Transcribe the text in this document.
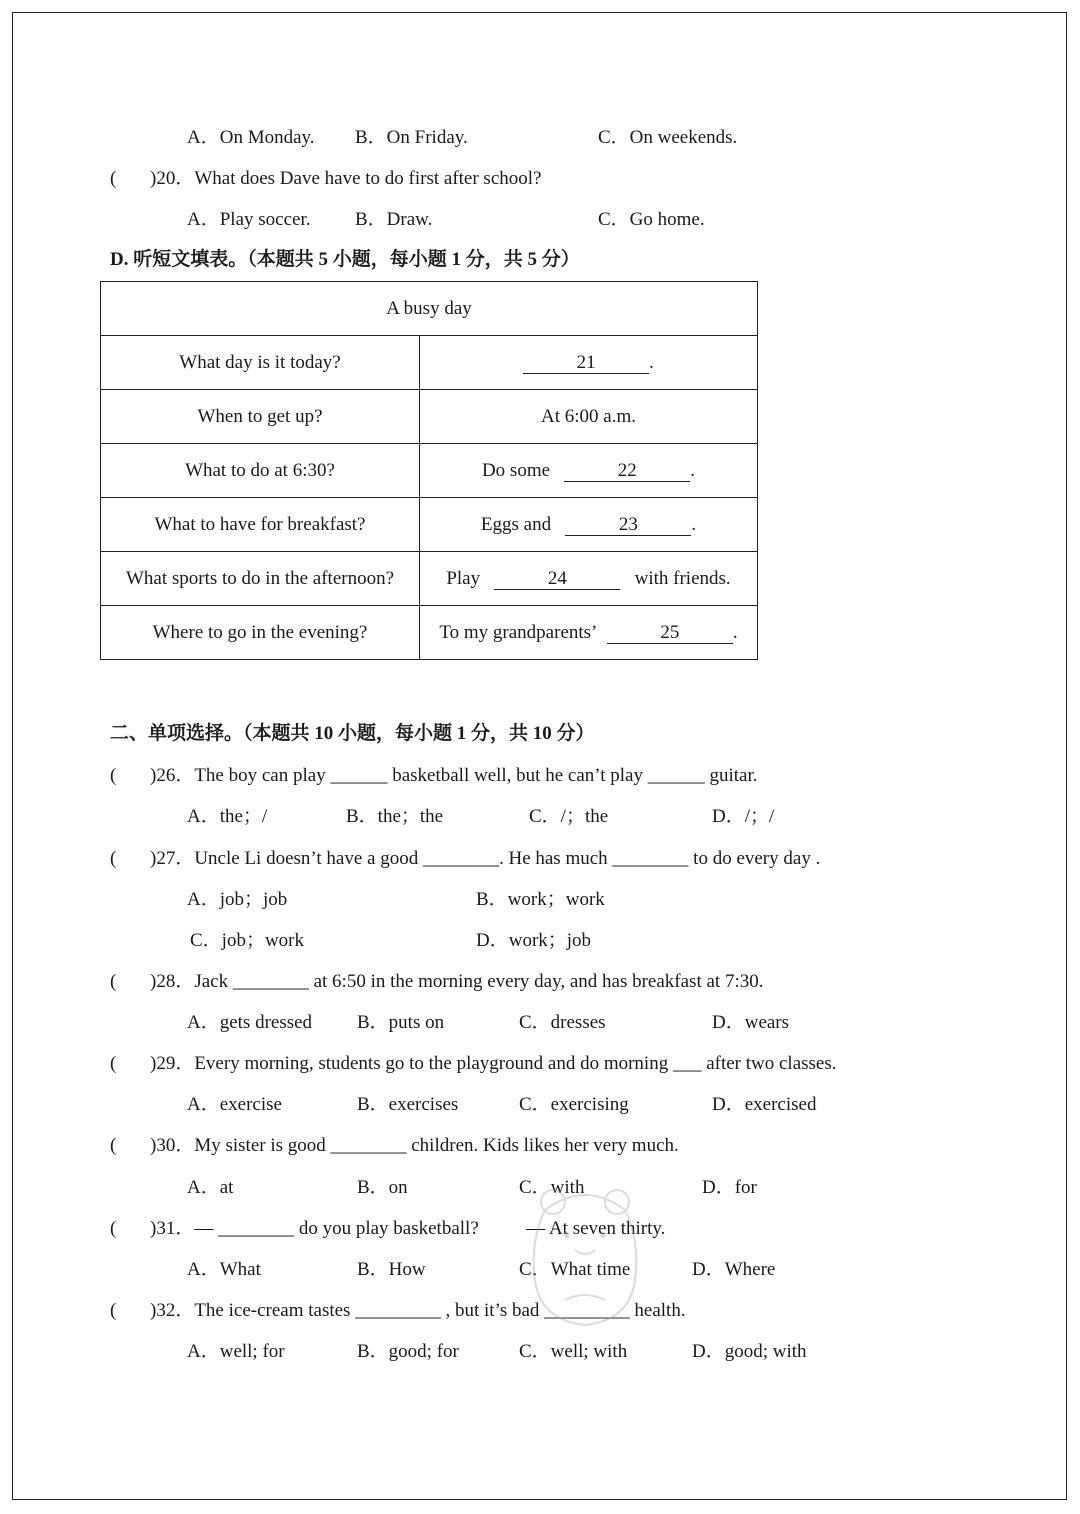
A．On Monday. B．On Friday.	C．On weekends.
( )20．What does Dave have to do first after school?
A．Play soccer. B．Draw.	C．Go home.
D. 听短文填表。（本题共 5 小题，每小题 1 分，共 5 分）
A busy day	
What day is it today?	21 .
When to get up?	At 6:00 a.m.
What to do at 6:30?	Do some 22 .
What to have for breakfast?	Eggs and 23 .
What sports to do in the afternoon?	Play 24 with friends.
Where to go in the evening?	To my grandparents’ 25 .
二、单项选择。（本题共 10 小题，每小题 1 分，共 10 分）
( )26．The boy can play ______ basketball well, but he can’t play ______ guitar.
A．the；/	B．the；the	C．/；the	D．/；/
( )27．Uncle Li doesn’t have a good ________. He has much ________ to do every day .
A．job；job	B．work；work
C．job；work	D．work；job
( )28．Jack ________ at 6:50 in the morning every day, and has breakfast at 7:30.
A．gets dressed B．puts on	C．dresses	D．wears
( )29．Every morning, students go to the playground and do morning ___ after two classes.
A．exercise	B．exercises	C．exercising	D．exercised
( )30．My sister is good ________ children. Kids likes her very much.
A．at	B．on	C．with	D．for
( )31．— ________ do you play basketball?          — At seven thirty.
A．What	B．How	C．What time	D．Where
( )32．The ice-cream tastes _________ , but it’s bad _________ health.
A．well; for	B．good; for	C．well; with	D．good; with
